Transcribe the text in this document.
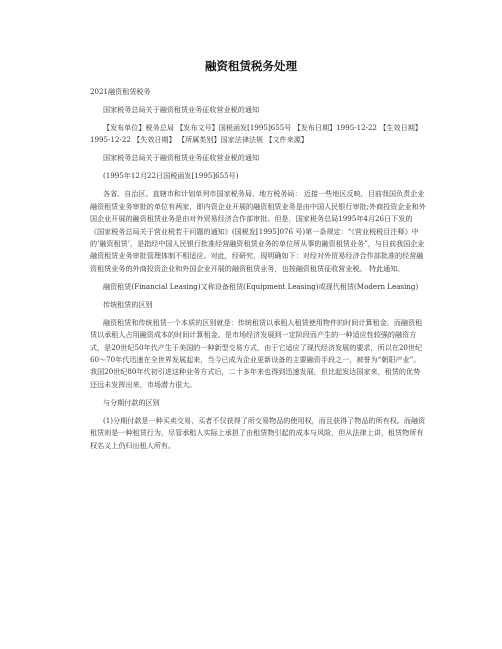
融资租赁税务处理

2021融资租赁税务

国家税务总局关于融资租赁业务征收营业税的通知

【发布单位】税务总局 【发布文号】国税函发[1995]655号 【发布日期】1995-12-22 【生效日期】1995-12-22 【失效日期】 【所属类别】国家法律法规 【文件来源】

国家税务总局关于融资租赁业务征收营业税的通知

(1995年12月22日国税函发[1995]655号)

各省、自治区、直辖市和计划单列市国家税务局、地方税务局： 近接一些地区反映，目前我国负责企业融资租赁业务审批的单位有两家，即内资企业开展的融资租赁业务是由中国人民银行审批;外商投资企业和外国企业开展的融资租赁业务是由对外贸易经济合作部审批。但是，国家税务总局1995年4月26日下发的《国家税务总局关于营业税若干问题的通知》(国税发[1995]076 号)第一条规定：“《营业税税目注释》中的‘融资租赁’，是指经中国人民银行批准经营融资租赁业务的单位所从事的融资租赁业务”，与目前我国企业融资租赁业务审批管理体制不相适应。对此，经研究，现明确如下：对经对外贸易经济合作部批准的经营融资租赁业务的外商投资企业和外国企业开展的融资租赁业务，也按融资租赁征收营业税。 特此通知。

融资租赁(Financial Leasing)又称设备租赁(Equipment Leasing)或现代租赁(Modern Leasing)

传统租赁的区别

融资租赁和传统租赁一个本质的区别就是：传统租赁以承租人租赁使用物件的时间计算租金，而融资租赁以承租人占用融资成本的时间计算租金。是市场经济发展到一定阶段而产生的一种适应性较强的融资方式，是20世纪50年代产生于美国的一种新型交易方式，由于它适应了现代经济发展的要求，所以在20世纪60～70年代迅速在全世界发展起来，当今已成为企业更新设备的主要融资手段之一，被誉为“朝阳产业”。我国20世纪80年代初引进这种业务方式后，二十多年来也得到迅速发展，但比起发达国家来，租赁的优势还远未发挥出来，市场潜力很大。

与分期付款的区别

(1)分期付款是一种买卖交易，买者不仅获得了所交易物品的使用权，而且获得了物品的所有权。而融资租赁则是一种租赁行为，尽管承租人实际上承担了由租赁物引起的成本与风险，但从法律上讲，租赁物所有权名义上仍归出租人所有。
